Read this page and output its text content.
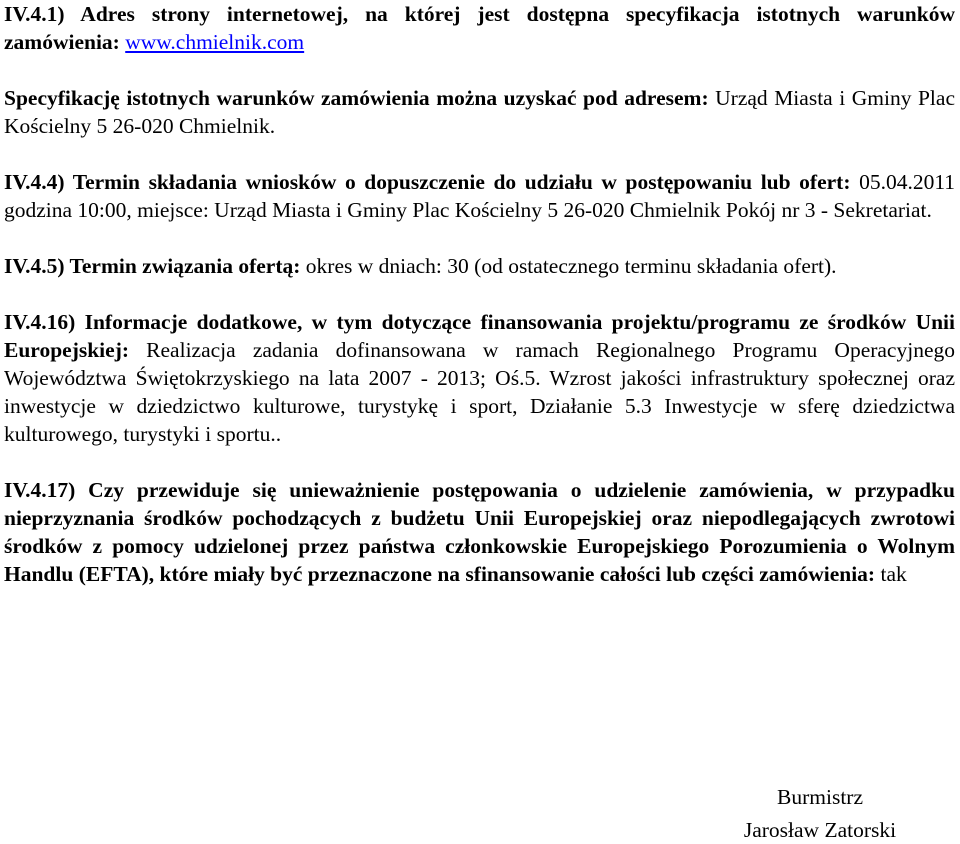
IV.4.1) Adres strony internetowej, na której jest dostępna specyfikacja istotnych warunków zamówienia: www.chmielnik.com

Specyfikację istotnych warunków zamówienia można uzyskać pod adresem: Urząd Miasta i Gminy Plac Kościelny 5 26-020 Chmielnik.

IV.4.4) Termin składania wniosków o dopuszczenie do udziału w postępowaniu lub ofert: 05.04.2011 godzina 10:00, miejsce: Urząd Miasta i Gminy Plac Kościelny 5 26-020 Chmielnik Pokój nr 3 - Sekretariat.

IV.4.5) Termin związania ofertą: okres w dniach: 30 (od ostatecznego terminu składania ofert).

IV.4.16) Informacje dodatkowe, w tym dotyczące finansowania projektu/programu ze środków Unii Europejskiej: Realizacja zadania dofinansowana w ramach Regionalnego Programu Operacyjnego Województwa Świętokrzyskiego na lata 2007 - 2013; Oś.5. Wzrost jakości infrastruktury społecznej oraz inwestycje w dziedzictwo kulturowe, turystykę i sport, Działanie 5.3 Inwestycje w sferę dziedzictwa kulturowego, turystyki i sportu..

IV.4.17) Czy przewiduje się unieważnienie postępowania o udzielenie zamówienia, w przypadku nieprzyznania środków pochodzących z budżetu Unii Europejskiej oraz niepodlegających zwrotowi środków z pomocy udzielonej przez państwa członkowskie Europejskiego Porozumienia o Wolnym Handlu (EFTA), które miały być przeznaczone na sfinansowanie całości lub części zamówienia: tak

Burmistrz
Jarosław Zatorski
